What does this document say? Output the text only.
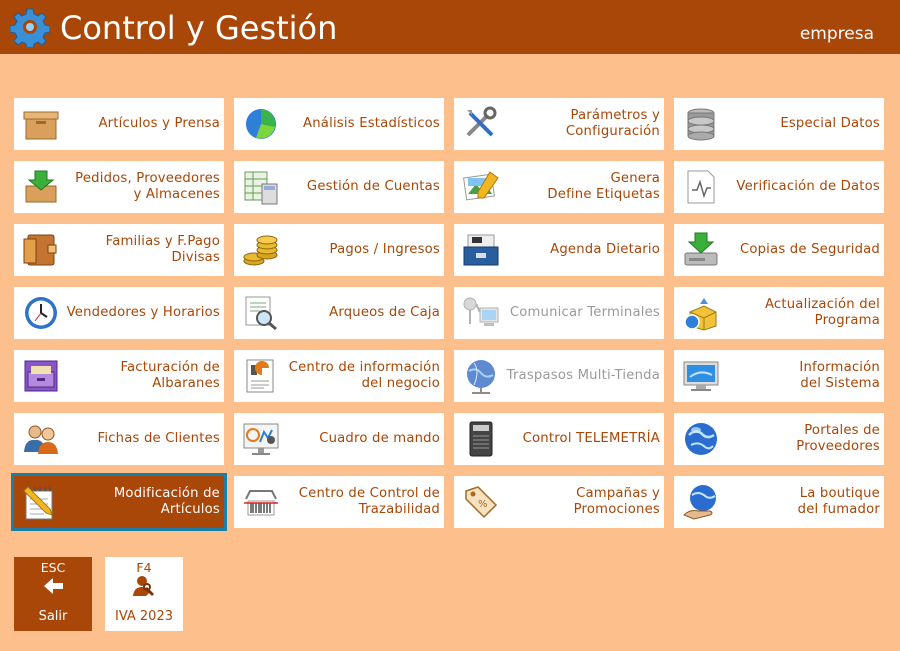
Control y Gestión	empresa
Artículos y Prensa	Análisis Estadísticos
Parámetros y
Configuración
Especial Datos
Pedidos, Proveedores
y Almacenes
Gestión de Cuentas
Genera
Define Etiquetas
Verificación de Datos
Familias y F.Pago
Divisas
Pagos / Ingresos	Agenda Dietario	Copias de Seguridad
Vendedores y Horarios	Arqueos de Caja	Comunicar Terminales
Actualización del
Programa
Facturación de
Albaranes
Centro de información
del negocio
Traspasos Multi-Tienda
Información
del Sistema
Fichas de Clientes	Cuadro de mando	Control TELEMETRÍA
Portales de
Proveedores
Modificación de
Artículos
Centro de Control de
Trazabilidad	%
Campañas y
Promociones
La boutique
del fumador
ESC
Salir
F4
IVA 2023
